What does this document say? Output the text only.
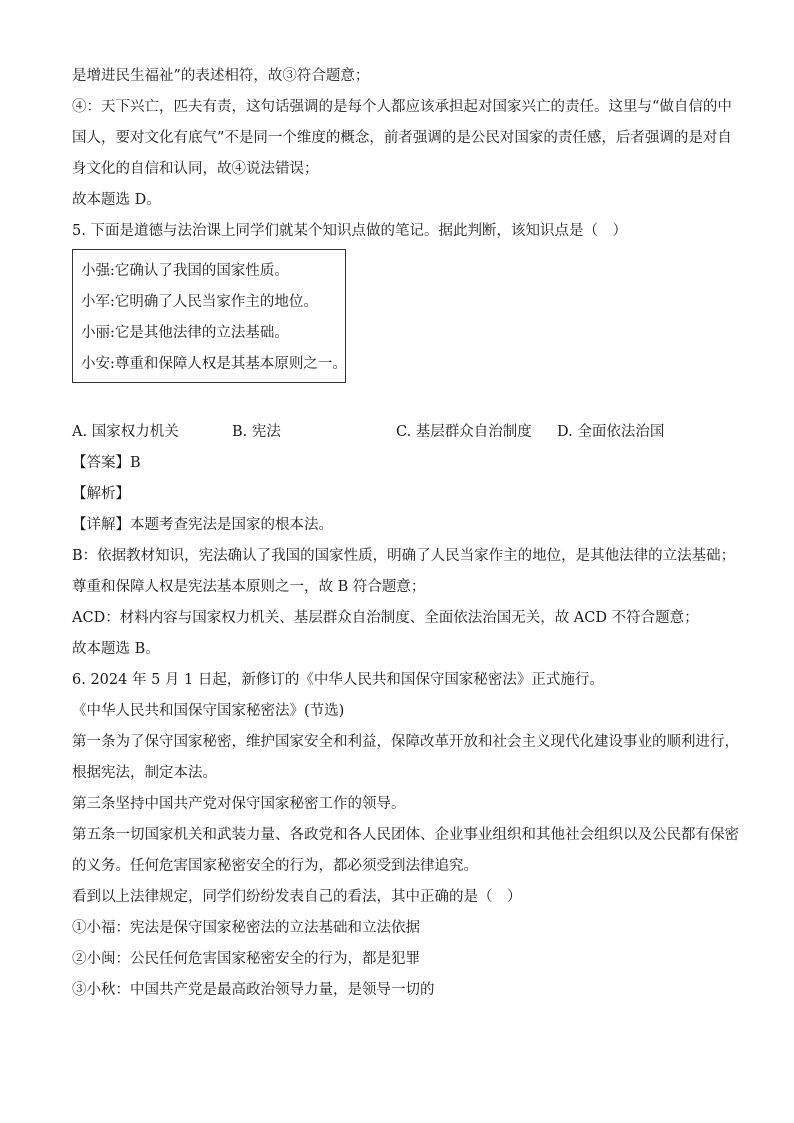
是增进民生福祉”的表述相符，故③符合题意；
④：天下兴亡，匹夫有责，这句话强调的是每个人都应该承担起对国家兴亡的责任。这里与“做自信的中
国人，要对文化有底气”不是同一个维度的概念，前者强调的是公民对国家的责任感，后者强调的是对自
身文化的自信和认同，故④说法错误；
故本题选 D。
5. 下面是道德与法治课上同学们就某个知识点做的笔记。据此判断，该知识点是（　）
小强:它确认了我国的国家性质。
小军:它明确了人民当家作主的地位。
小丽:它是其他法律的立法基础。
小安:尊重和保障人权是其基本原则之一。
A. 国家权力机关	B. 宪法	C. 基层群众自治制度 D. 全面依法治国
【答案】B
【解析】
【详解】本题考查宪法是国家的根本法。
B：依据教材知识，宪法确认了我国的国家性质，明确了人民当家作主的地位，是其他法律的立法基础；
尊重和保障人权是宪法基本原则之一，故 B 符合题意；
ACD：材料内容与国家权力机关、基层群众自治制度、全面依法治国无关，故 ACD 不符合题意；
故本题选 B。
6. 2024 年 5 月 1 日起，新修订的《中华人民共和国保守国家秘密法》正式施行。
《中华人民共和国保守国家秘密法》(节选)
第一条为了保守国家秘密，维护国家安全和利益，保障改革开放和社会主义现代化建设事业的顺利进行，
根据宪法，制定本法。
第三条坚持中国共产党对保守国家秘密工作的领导。
第五条一切国家机关和武装力量、各政党和各人民团体、企业事业组织和其他社会组织以及公民都有保密
的义务。任何危害国家秘密安全的行为，都必须受到法律追究。
看到以上法律规定，同学们纷纷发表自己的看法，其中正确的是（　）
①小福：宪法是保守国家秘密法的立法基础和立法依据
②小闽：公民任何危害国家秘密安全的行为，都是犯罪
③小秋：中国共产党是最高政治领导力量，是领导一切的
